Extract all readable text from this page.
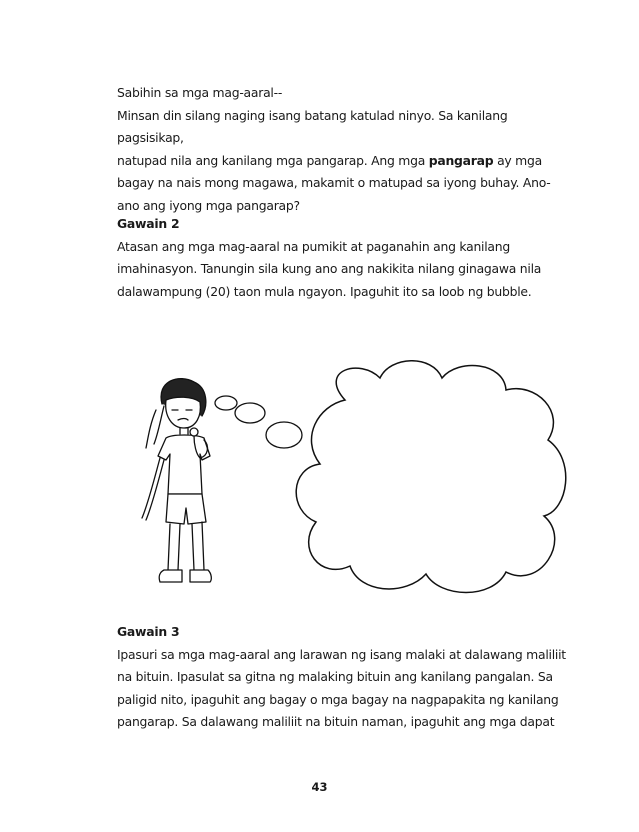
Sabihin sa mga mag-aaral--

Minsan din silang naging isang batang katulad ninyo. Sa kanilang pagsisikap,

natupad nila ang kanilang mga pangarap. Ang mga pangarap ay mga

bagay na nais mong magawa, makamit o matupad sa iyong buhay. Ano-

ano ang iyong mga pangarap?

Gawain 2

Atasan ang mga mag-aaral na pumikit at paganahin ang kanilang

imahinasyon. Tanungin sila kung ano ang nakikita nilang ginagawa nila

dalawampung (20) taon mula ngayon. Ipaguhit ito sa loob ng bubble.

Gawain 3

Ipasuri sa mga mag-aaral ang larawan ng isang malaki at dalawang maliliit

na bituin. Ipasulat sa gitna ng malaking bituin ang kanilang pangalan. Sa

paligid nito, ipaguhit ang bagay o mga bagay na nagpapakita ng kanilang

pangarap. Sa dalawang maliliit na bituin naman, ipaguhit ang mga dapat

43
